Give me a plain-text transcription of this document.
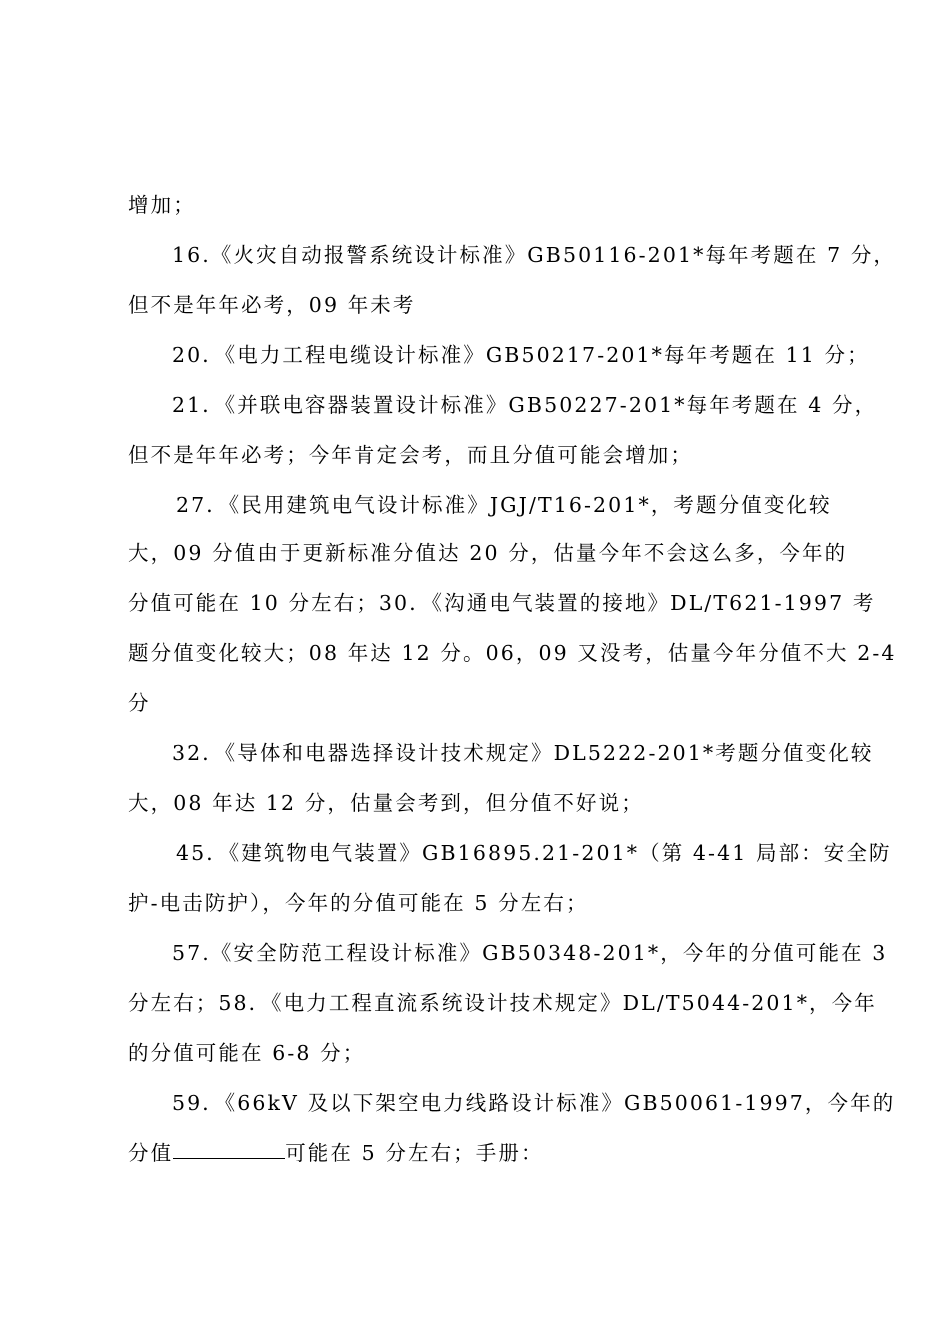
增加；
16.《火灾自动报警系统设计标准》GB50116-201*每年考题在 7 分，
但不是年年必考，09 年未考
20．《电力工程电缆设计标准》GB50217-201*每年考题在 11 分；
21．《并联电容器装置设计标准》GB50227-201*每年考题在 4 分，
但不是年年必考；今年肯定会考，而且分值可能会增加；
27．《民用建筑电气设计标准》JGJ/T16-201*，考题分值变化较
大，09 分值由于更新标准分值达 20 分，估量今年不会这么多，今年的
分值可能在 10 分左右；30．《沟通电气装置的接地》DL/T621-1997 考
题分值变化较大；08 年达 12 分。06，09 又没考，估量今年分值不大 2-4
分
32．《导体和电器选择设计技术规定》DL5222-201*考题分值变化较
大，08 年达 12 分，估量会考到，但分值不好说；
45．《建筑物电气装置》GB16895.21-201*（第 4-41 局部：安全防
护-电击防护），今年的分值可能在 5 分左右；
57.《安全防范工程设计标准》GB50348-201*，今年的分值可能在 3
分左右；58．《电力工程直流系统设计技术规定》DL/T5044-201*，今年
的分值可能在 6-8 分；
59．《66kV 及以下架空电力线路设计标准》GB50061-1997，今年的
分值	可能在 5 分左右；手册：
